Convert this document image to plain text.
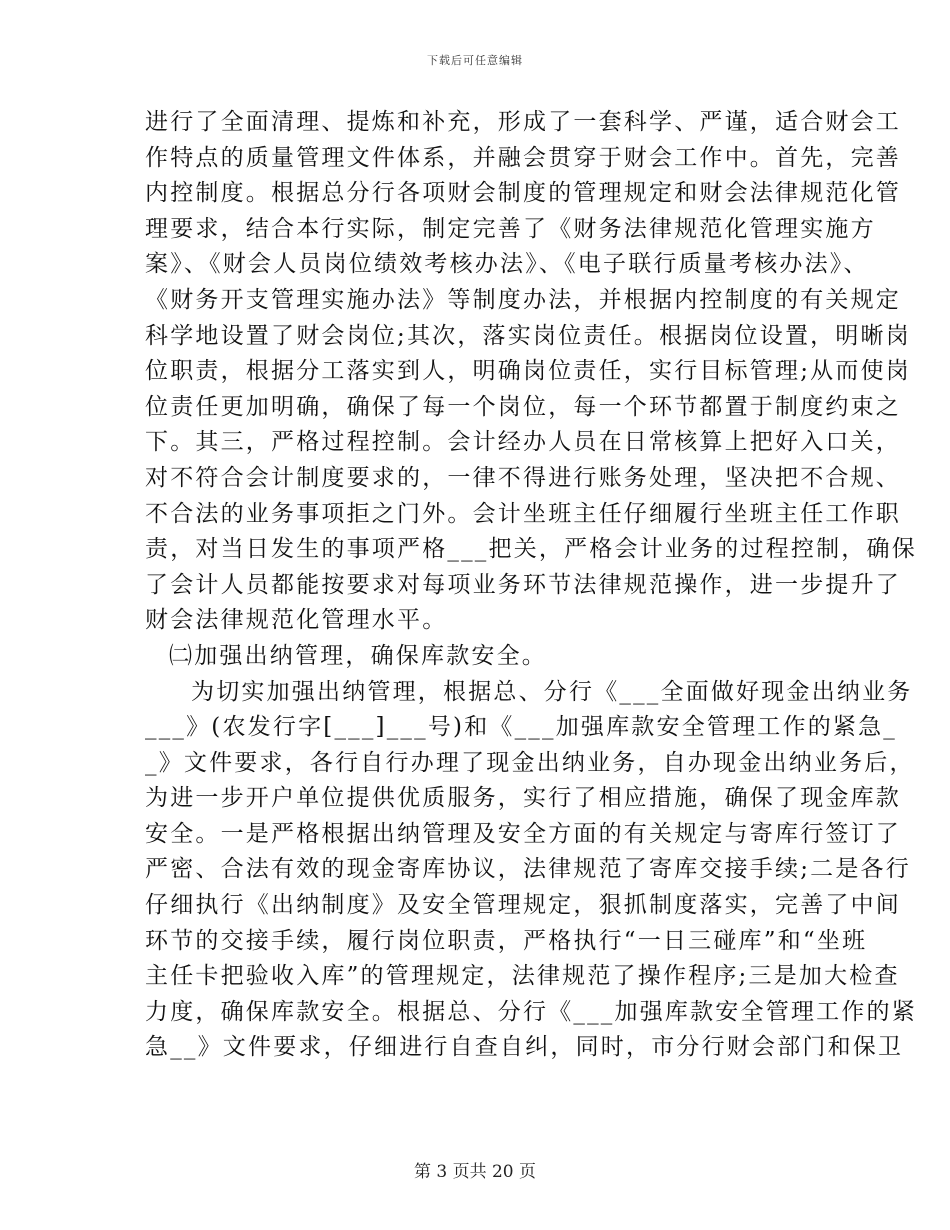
下载后可任意编辑
进行了全面清理、提炼和补充，形成了一套科学、严谨，适合财会工
作特点的质量管理文件体系，并融会贯穿于财会工作中。首先，完善
内控制度。根据总分行各项财会制度的管理规定和财会法律规范化管
理要求，结合本行实际，制定完善了《财务法律规范化管理实施方
案》、《财会人员岗位绩效考核办法》、《电子联行质量考核办法》、
《财务开支管理实施办法》等制度办法，并根据内控制度的有关规定
科学地设置了财会岗位;其次，落实岗位责任。根据岗位设置，明晰岗
位职责，根据分工落实到人，明确岗位责任，实行目标管理;从而使岗
位责任更加明确，确保了每一个岗位，每一个环节都置于制度约束之
下。其三，严格过程控制。会计经办人员在日常核算上把好入口关，
对不符合会计制度要求的，一律不得进行账务处理，坚决把不合规、
不合法的业务事项拒之门外。会计坐班主任仔细履行坐班主任工作职
责，对当日发生的事项严格___把关，严格会计业务的过程控制，确保
了会计人员都能按要求对每项业务环节法律规范操作，进一步提升了
财会法律规范化管理水平。
㈡加强出纳管理，确保库款安全。
为切实加强出纳管理，根据总、分行《___全面做好现金出纳业务
___》(农发行字[___]___号)和《___加强库款安全管理工作的紧急_
_》文件要求，各行自行办理了现金出纳业务，自办现金出纳业务后，
为进一步开户单位提供优质服务，实行了相应措施，确保了现金库款
安全。一是严格根据出纳管理及安全方面的有关规定与寄库行签订了
严密、合法有效的现金寄库协议，法律规范了寄库交接手续;二是各行
仔细执行《出纳制度》及安全管理规定，狠抓制度落实，完善了中间
环节的交接手续，履行岗位职责，严格执行“一日三碰库”和“坐班
主任卡把验收入库”的管理规定，法律规范了操作程序;三是加大检查
力度，确保库款安全。根据总、分行《___加强库款安全管理工作的紧
急__》文件要求，仔细进行自查自纠，同时，市分行财会部门和保卫
第 3 页共 20 页
